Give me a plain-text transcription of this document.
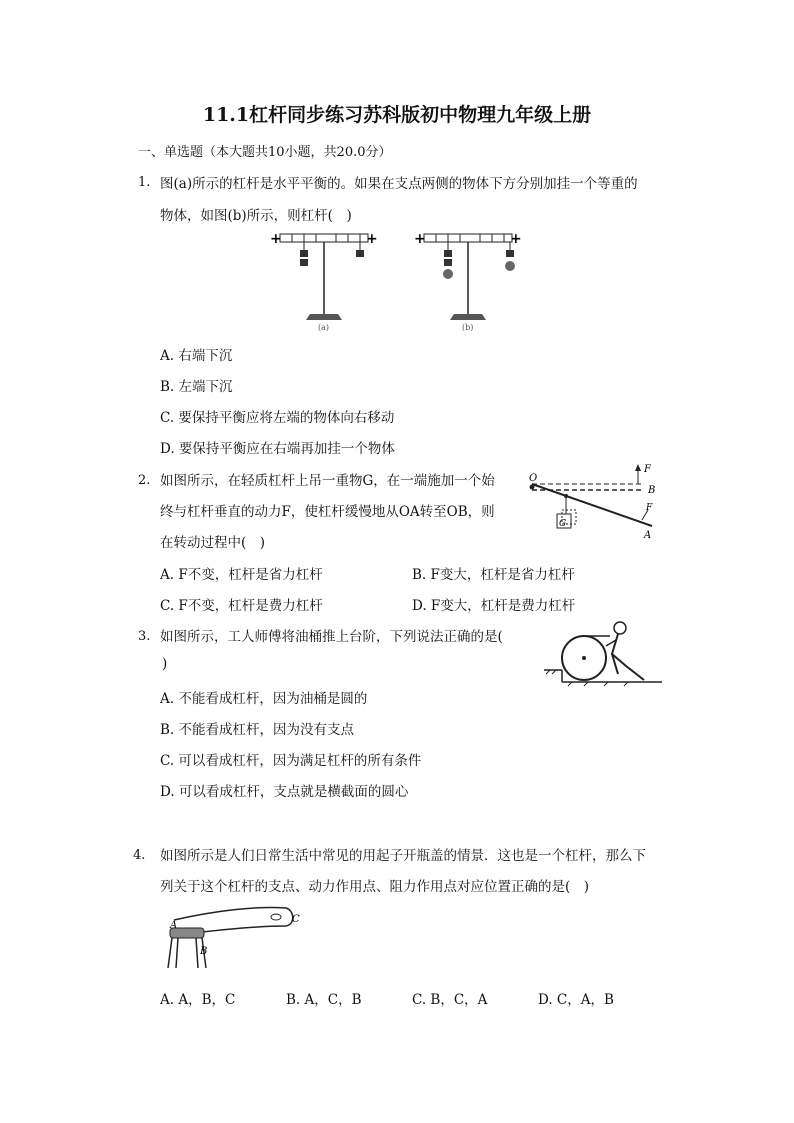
11.1杠杆同步练习苏科版初中物理九年级上册
一、单选题（本大题共10小题，共20.0分）
1. 图(a)所示的杠杆是水平平衡的。如果在支点两侧的物体下方分别加挂一个等重的
物体，如图(b)所示，则杠杆(　)
+	+
(a)
+	+
(b)
A. 右端下沉
B. 左端下沉
C. 要保持平衡应将左端的物体向右移动
D. 要保持平衡应在右端再加挂一个物体
2. 如图所示，在轻质杠杆上吊一重物G，在一端施加一个始
终与杠杆垂直的动力F，使杠杆缓慢地从OA转至OB，则
在转动过程中(　)
O
B
A
F
F
G
A. F不变，杠杆是省力杠杆	B. F变大，杠杆是省力杠杆
C. F不变，杠杆是费力杠杆	D. F变大，杠杆是费力杠杆
3. 如图所示，工人师傅将油桶推上台阶，下列说法正确的是(
)
A. 不能看成杠杆，因为油桶是圆的
B. 不能看成杠杆，因为没有支点
C. 可以看成杠杆，因为满足杠杆的所有条件
D. 可以看成杠杆，支点就是横截面的圆心
4. 如图所示是人们日常生活中常见的用起子开瓶盖的情景．这也是一个杠杆，那么下
列关于这个杠杆的支点、动力作用点、阻力作用点对应位置正确的是(　)
A
B
C
A. A，B，C	B. A，C，B	C. B，C，A	D. C，A，B
